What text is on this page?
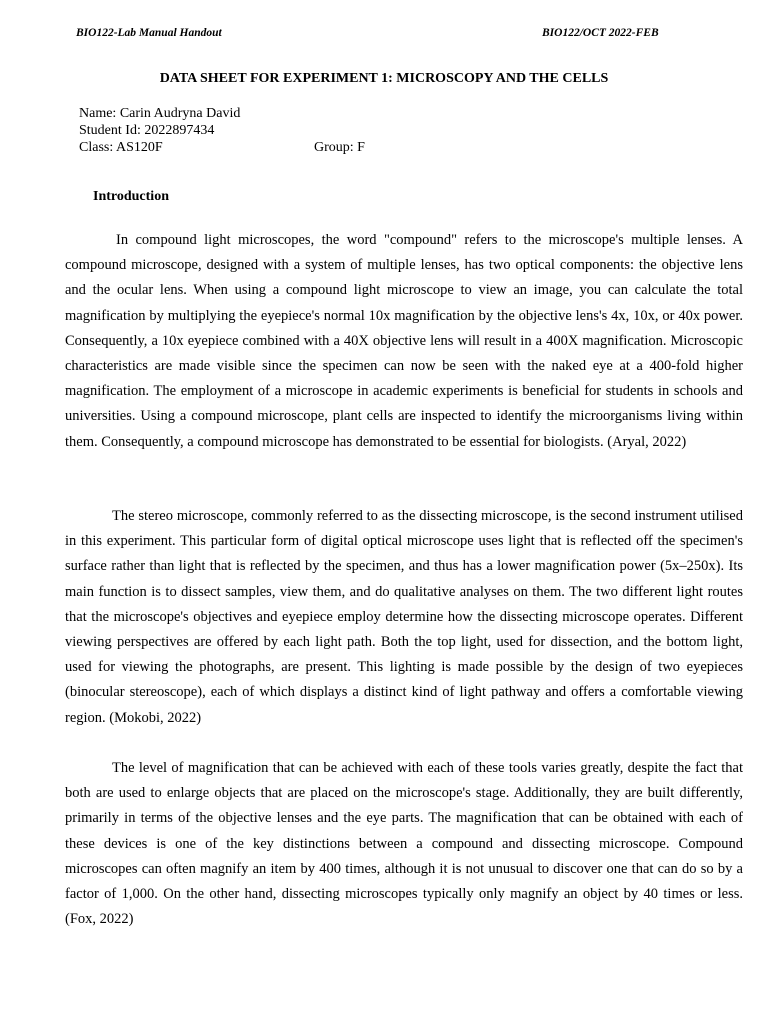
BIO122-Lab Manual Handout	BIO122/OCT 2022-FEB
DATA SHEET FOR EXPERIMENT 1: MICROSCOPY AND THE CELLS
Name: Carin Audryna David
Student Id: 2022897434
Class: AS120F	Group: F
Introduction

In compound light microscopes, the word "compound" refers to the microscope's multiple lenses. A compound microscope, designed with a system of multiple lenses, has two optical components: the objective lens and the ocular lens. When using a compound light microscope to view an image, you can calculate the total magnification by multiplying the eyepiece's normal 10x magnification by the objective lens's 4x, 10x, or 40x power. Consequently, a 10x eyepiece combined with a 40X objective lens will result in a 400X magnification. Microscopic characteristics are made visible since the specimen can now be seen with the naked eye at a 400-fold higher magnification. The employment of a microscope in academic experiments is beneficial for students in schools and universities. Using a compound microscope, plant cells are inspected to identify the microorganisms living within them. Consequently, a compound microscope has demonstrated to be essential for biologists. (Aryal, 2022)

The stereo microscope, commonly referred to as the dissecting microscope, is the second instrument utilised in this experiment. This particular form of digital optical microscope uses light that is reflected off the specimen's surface rather than light that is reflected by the specimen, and thus has a lower magnification power (5x–250x). Its main function is to dissect samples, view them, and do qualitative analyses on them. The two different light routes that the microscope's objectives and eyepiece employ determine how the dissecting microscope operates. Different viewing perspectives are offered by each light path. Both the top light, used for dissection, and the bottom light, used for viewing the photographs, are present. This lighting is made possible by the design of two eyepieces (binocular stereoscope), each of which displays a distinct kind of light pathway and offers a comfortable viewing region. (Mokobi, 2022)

The level of magnification that can be achieved with each of these tools varies greatly, despite the fact that both are used to enlarge objects that are placed on the microscope's stage. Additionally, they are built differently, primarily in terms of the objective lenses and the eye parts. The magnification that can be obtained with each of these devices is one of the key distinctions between a compound and dissecting microscope. Compound microscopes can often magnify an item by 400 times, although it is not unusual to discover one that can do so by a factor of 1,000. On the other hand, dissecting microscopes typically only magnify an object by 40 times or less. (Fox, 2022)
